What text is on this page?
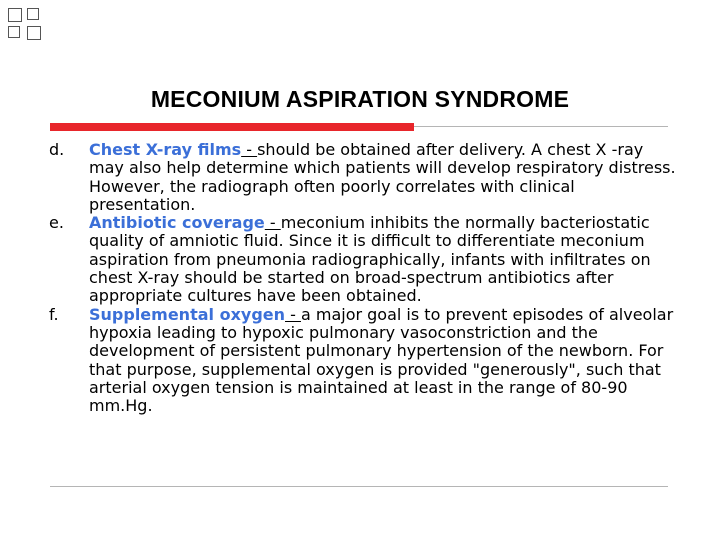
MECONIUM ASPIRATION SYNDROME
d.	Chest X-ray films - should be obtained after delivery. A chest X -ray may also help determine which patients will develop respiratory distress. However, the radiograph often poorly correlates with clinical presentation.
e.	Antibiotic coverage - meconium inhibits the normally bacteriostatic quality of amniotic fluid. Since it is difficult to differentiate meconium aspiration from pneumonia radiographically, infants with infiltrates on chest X-ray should be started on broad-spectrum antibiotics after appropriate cultures have been obtained.
f.	Supplemental oxygen - a major goal is to prevent episodes of alveolar hypoxia leading to hypoxic pulmonary vasoconstriction and the development of persistent pulmonary hypertension of the newborn. For that purpose, supplemental oxygen is provided "generously", such that arterial oxygen tension is maintained at least in the range of 80-90 mm.Hg.
